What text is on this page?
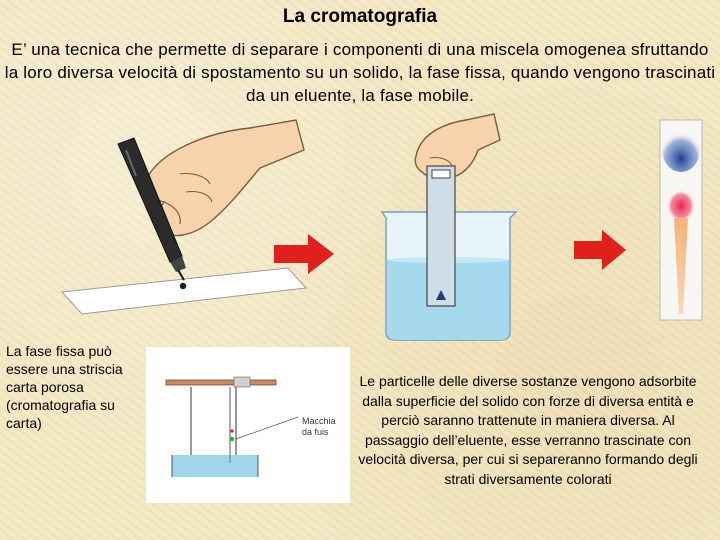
La cromatografia
E’ una tecnica che permette di separare i componenti di una miscela omogenea sfruttando la loro diversa velocità di spostamento su un solido, la fase fissa, quando vengono trascinati da un eluente, la fase mobile.
La fase fissa può essere una striscia carta porosa (cromatografia su carta)	Macchia
da fuis
Le particelle delle diverse sostanze vengono adsorbite dalla superficie del solido con forze di diversa entità e perciò saranno trattenute in maniera diversa. Al passaggio dell’eluente, esse verranno trascinate con velocità diversa, per cui si separeranno formando degli strati diversamente colorati
